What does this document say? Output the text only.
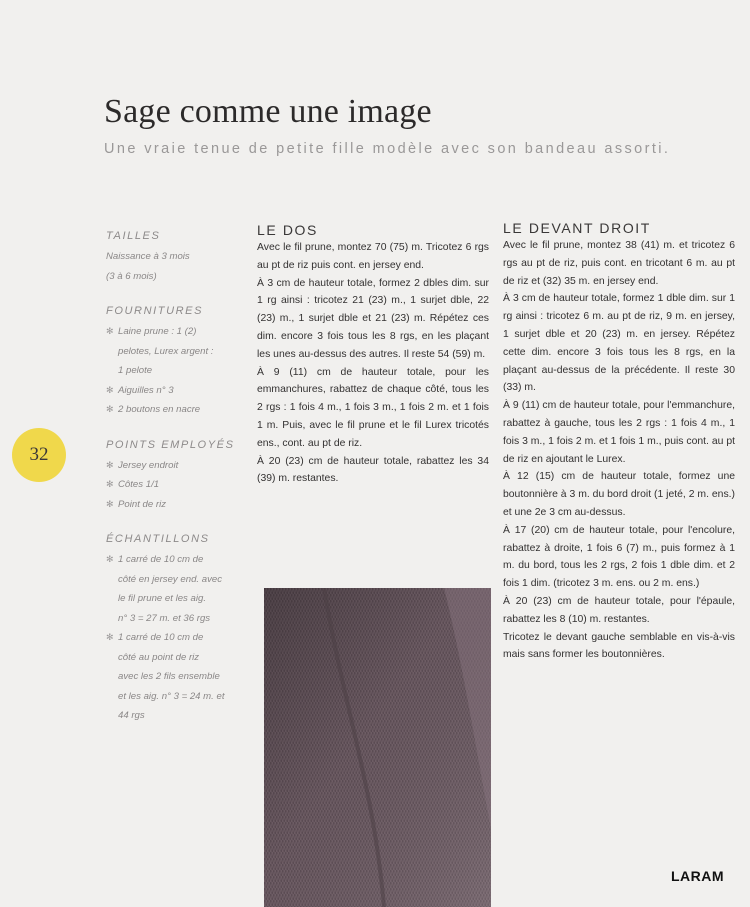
Sage comme une image

Une vraie tenue de petite fille modèle avec son bandeau assorti.

32
TAILLES
Naissance à 3 mois
(3 à 6 mois)
FOURNITURES
✻ Laine prune : 1 (2)
pelotes, Lurex argent :
1 pelote
✻ Aiguilles n° 3
✻ 2 boutons en nacre
POINTS EMPLOYÉS
✻ Jersey endroit
✻ Côtes 1/1
✻ Point de riz
ÉCHANTILLONS
✻ 1 carré de 10 cm de
côté en jersey end. avec
le fil prune et les aig.
n° 3 = 27 m. et 36 rgs
✻ 1 carré de 10 cm de
côté au point de riz
avec les 2 fils ensemble
et les aig. n° 3 = 24 m. et
44 rgs
LE DOS

Avec le fil prune, montez 70 (75) m. Tricotez 6 rgs au pt de riz puis cont. en jersey end.

À 3 cm de hauteur totale, formez 2 dbles dim. sur 1 rg ainsi : tricotez 21 (23) m., 1 surjet dble, 22 (23) m., 1 surjet dble et 21 (23) m. Répétez ces dim. encore 3 fois tous les 8 rgs, en les plaçant les unes au-dessus des autres. Il reste 54 (59) m.

À 9 (11) cm de hauteur totale, pour les emmanchures, rabattez de chaque côté, tous les 2 rgs : 1 fois 4 m., 1 fois 3 m., 1 fois 2 m. et 1 fois 1 m. Puis, avec le fil prune et le fil Lurex tricotés ens., cont. au pt de riz.

À 20 (23) cm de hauteur totale, rabattez les 34 (39) m. restantes.

LE DEVANT DROIT

Avec le fil prune, montez 38 (41) m. et tricotez 6 rgs au pt de riz, puis cont. en tricotant 6 m. au pt de riz et (32) 35 m. en jersey end.

À 3 cm de hauteur totale, formez 1 dble dim. sur 1 rg ainsi : tricotez 6 m. au pt de riz, 9 m. en jersey, 1 surjet dble et 20 (23) m. en jersey. Répétez cette dim. encore 3 fois tous les 8 rgs, en la plaçant au-dessus de la précédente. Il reste 30 (33) m.

À 9 (11) cm de hauteur totale, pour l'emmanchure, rabattez à gauche, tous les 2 rgs : 1 fois 4 m., 1 fois 3 m., 1 fois 2 m. et 1 fois 1 m., puis cont. au pt de riz en ajoutant le Lurex.

À 12 (15) cm de hauteur totale, formez une boutonnière à 3 m. du bord droit (1 jeté, 2 m. ens.) et une 2e 3 cm au-dessus.

À 17 (20) cm de hauteur totale, pour l'encolure, rabattez à droite, 1 fois 6 (7) m., puis formez à 1 m. du bord, tous les 2 rgs, 2 fois 1 dble dim. et 2 fois 1 dim. (tricotez 3 m. ens. ou 2 m. ens.)

À 20 (23) cm de hauteur totale, pour l'épaule, rabattez les 8 (10) m. restantes.

Tricotez le devant gauche semblable en vis-à-vis mais sans former les boutonnières.

LARAM
